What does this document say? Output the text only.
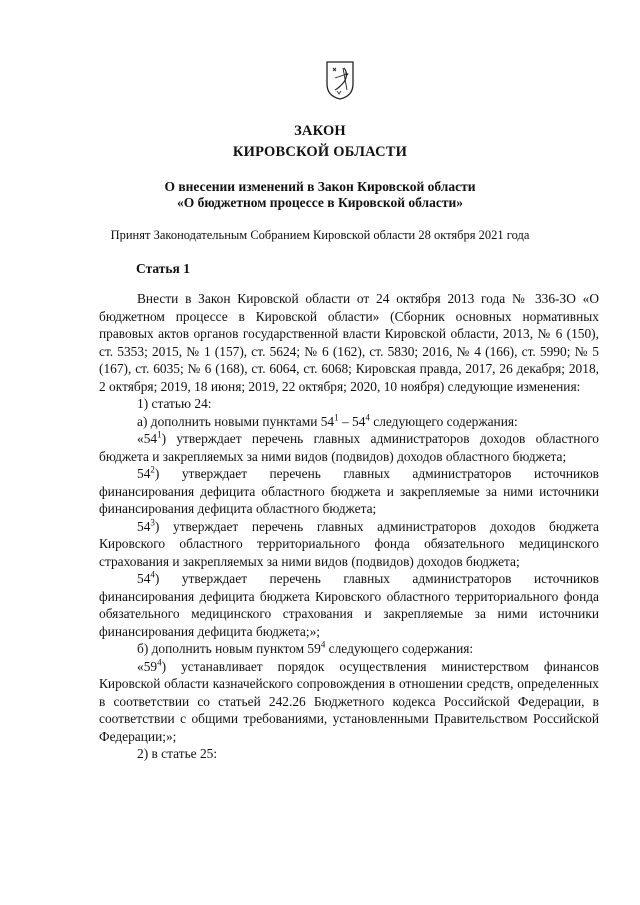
ЗАКОН
КИРОВСКОЙ ОБЛАСТИ
О внесении изменений в Закон Кировской области
«О бюджетном процессе в Кировской области»
Принят Законодательным Собранием Кировской области 28 октября 2021 года
Статья 1

Внести в Закон Кировской области от 24 октября 2013 года № 336-ЗО «О бюджетном процессе в Кировской области» (Сборник основных нормативных правовых актов органов государственной власти Кировской области, 2013, № 6 (150), ст. 5353; 2015, № 1 (157), ст. 5624; № 6 (162), ст. 5830; 2016, № 4 (166), ст. 5990; № 5 (167), ст. 6035; № 6 (168), ст. 6064, ст. 6068; Кировская правда, 2017, 26 декабря; 2018, 2 октября; 2019, 18 июня; 2019, 22 октября; 2020, 10 ноября) следующие изменения:

1) статью 24:

а) дополнить новыми пунктами $54^1 - 54^4$ следующего содержания:

«$54^1$) утверждает перечень главных администраторов доходов областного бюджета и закрепляемых за ними видов (подвидов) доходов областного бюджета;

$54^2$) утверждает перечень главных администраторов источников финансирования дефицита областного бюджета и закрепляемые за ними источники финансирования дефицита областного бюджета;

$54^3$) утверждает перечень главных администраторов доходов бюджета Кировского областного территориального фонда обязательного медицинского страхования и закрепляемых за ними видов (подвидов) доходов бюджета;

$54^4$) утверждает перечень главных администраторов источников финансирования дефицита бюджета Кировского областного территориального фонда обязательного медицинского страхования и закрепляемые за ними источники финансирования дефицита бюджета;»;

б) дополнить новым пунктом $59^4$ следующего содержания:

«$59^4$) устанавливает порядок осуществления министерством финансов Кировской области казначейского сопровождения в отношении средств, определенных в соответствии со статьей 242.26 Бюджетного кодекса Российской Федерации, в соответствии с общими требованиями, установленными Правительством Российской Федерации;»;

2) в статье 25:
